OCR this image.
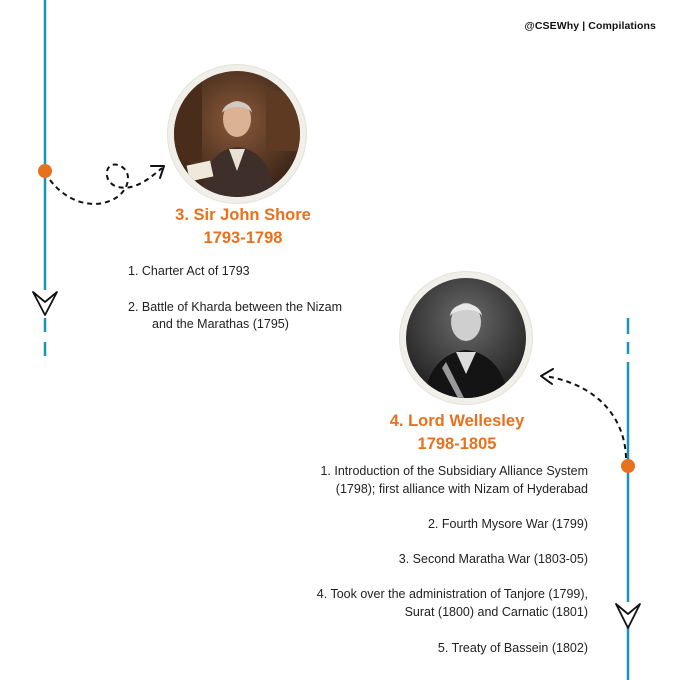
@CSEWhy | Compilations
3. Sir John Shore
1793-1798
1. Charter Act of 1793
2. Battle of Kharda between the Nizam
and the Marathas (1795)
4. Lord Wellesley
1798-1805
1. Introduction of the Subsidiary Alliance System
(1798); first alliance with Nizam of Hyderabad
2. Fourth Mysore War (1799)
3. Second Maratha War (1803-05)
4. Took over the administration of Tanjore (1799),
Surat (1800) and Carnatic (1801)
5. Treaty of Bassein (1802)
